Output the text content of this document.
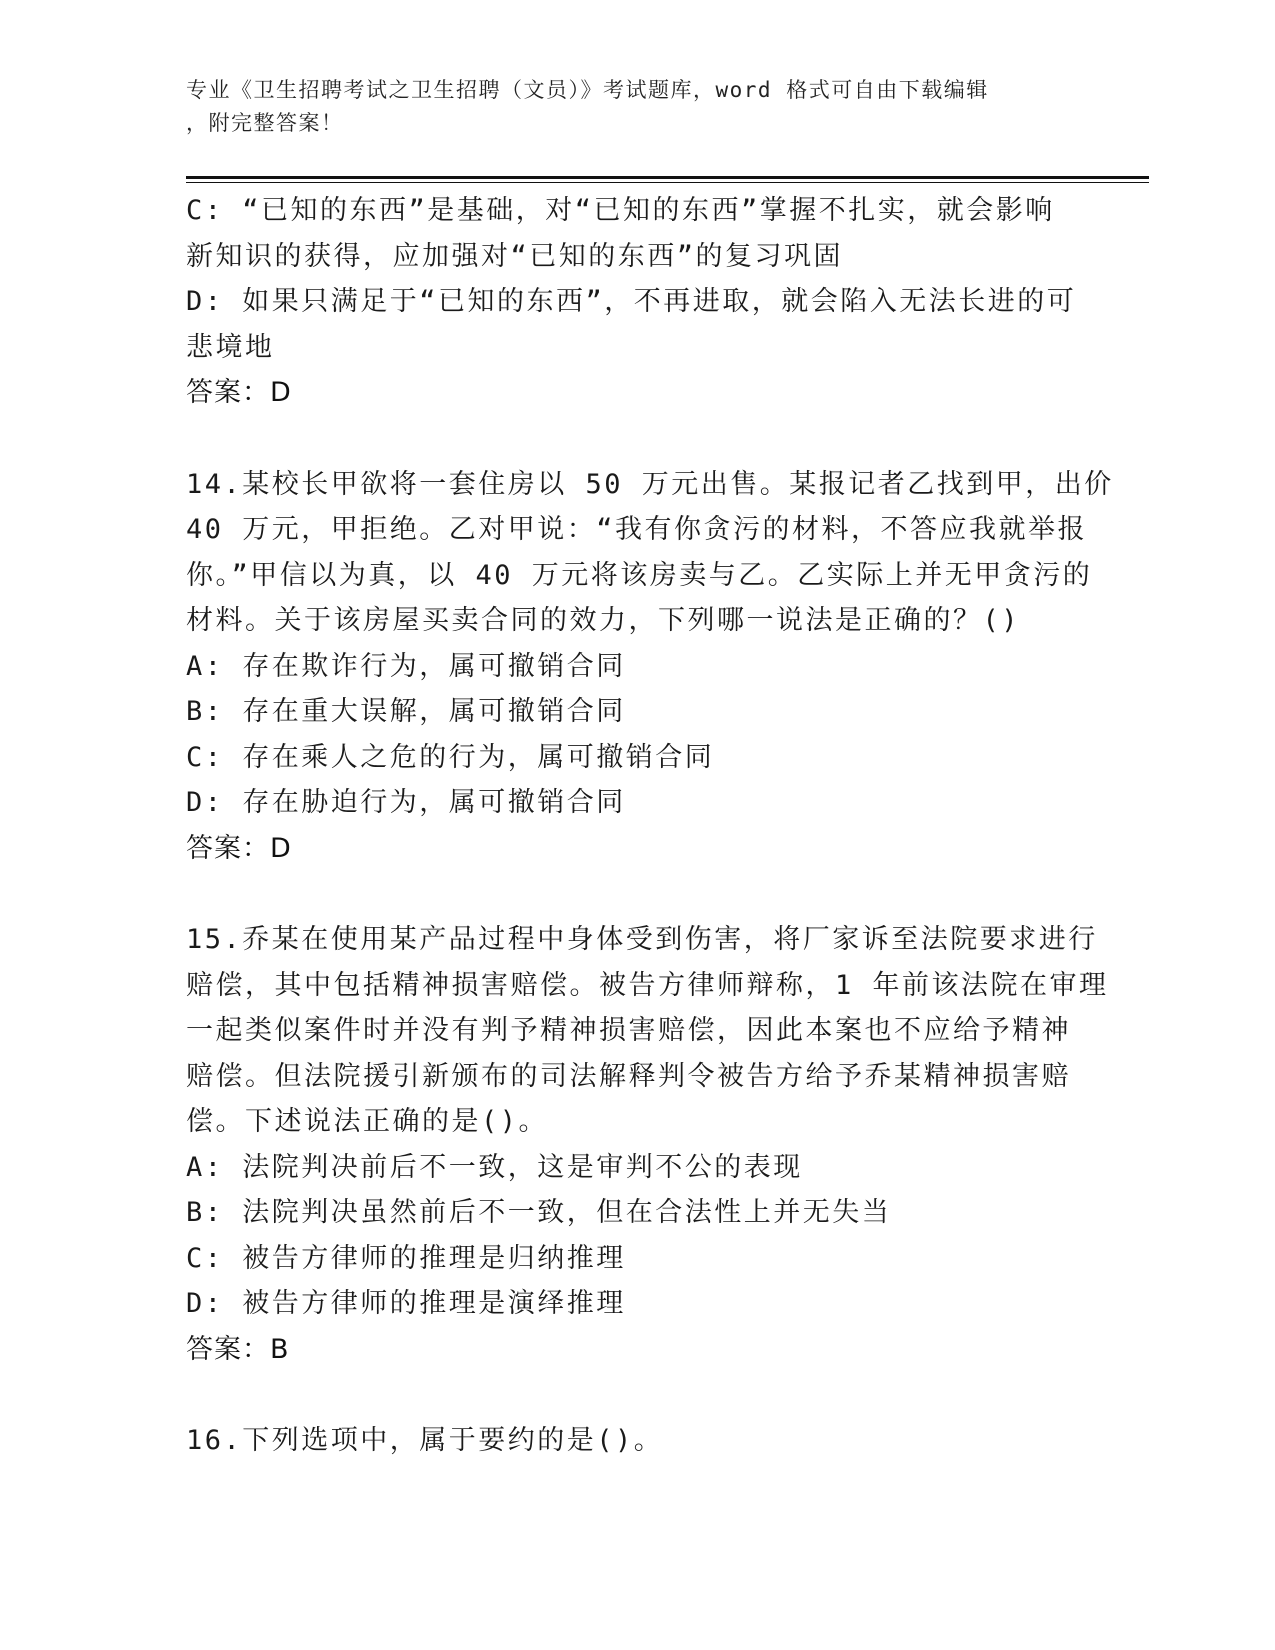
专业《卫生招聘考试之卫生招聘（文员）》考试题库，word 格式可自由下载编辑
，附完整答案！
C: “已知的东西”是基础，对“已知的东西”掌握不扎实，就会影响
新知识的获得，应加强对“已知的东西”的复习巩固
D: 如果只满足于“已知的东西”，不再进取，就会陷入无法长进的可
悲境地
答案：D
14.某校长甲欲将一套住房以 50 万元出售。某报记者乙找到甲，出价
40 万元，甲拒绝。乙对甲说：“我有你贪污的材料，不答应我就举报
你。”甲信以为真，以 40 万元将该房卖与乙。乙实际上并无甲贪污的
材料。关于该房屋买卖合同的效力，下列哪一说法是正确的？()
A: 存在欺诈行为，属可撤销合同
B: 存在重大误解，属可撤销合同
C: 存在乘人之危的行为，属可撤销合同
D: 存在胁迫行为，属可撤销合同
答案：D
15.乔某在使用某产品过程中身体受到伤害，将厂家诉至法院要求进行
赔偿，其中包括精神损害赔偿。被告方律师辩称，1 年前该法院在审理
一起类似案件时并没有判予精神损害赔偿，因此本案也不应给予精神
赔偿。但法院援引新颁布的司法解释判令被告方给予乔某精神损害赔
偿。下述说法正确的是()。
A: 法院判决前后不一致，这是审判不公的表现
B: 法院判决虽然前后不一致，但在合法性上并无失当
C: 被告方律师的推理是归纳推理
D: 被告方律师的推理是演绎推理
答案：B
16.下列选项中，属于要约的是()。
